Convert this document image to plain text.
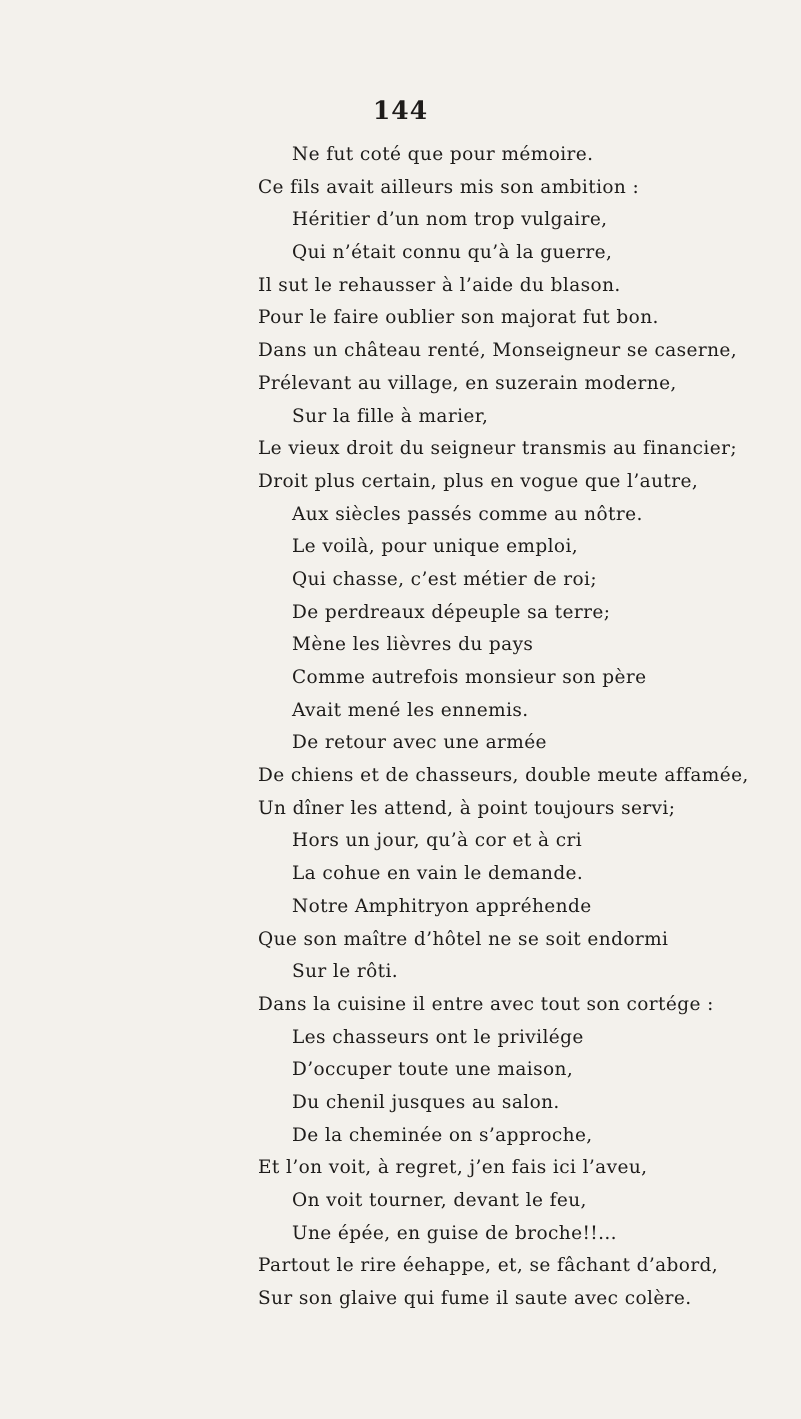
144
Ne fut coté que pour mémoire.
Ce fils avait ailleurs mis son ambition :
Héritier d’un nom trop vulgaire,
Qui n’était connu qu’à la guerre,
Il sut le rehausser à l’aide du blason.
Pour le faire oublier son majorat fut bon.
Dans un château renté, Monseigneur se caserne,
Prélevant au village, en suzerain moderne,
Sur la fille à marier,
Le vieux droit du seigneur transmis au financier;
Droit plus certain, plus en vogue que l’autre,
Aux siècles passés comme au nôtre.
Le voilà, pour unique emploi,
Qui chasse, c’est métier de roi;
De perdreaux dépeuple sa terre;
Mène les lièvres du pays
Comme autrefois monsieur son père
Avait mené les ennemis.
De retour avec une armée
De chiens et de chasseurs, double meute affamée,
Un dîner les attend, à point toujours servi;
Hors un jour, qu’à cor et à cri
La cohue en vain le demande.
Notre Amphitryon appréhende
Que son maître d’hôtel ne se soit endormi
Sur le rôti.
Dans la cuisine il entre avec tout son cortége :
Les chasseurs ont le privilége
D’occuper toute une maison,
Du chenil jusques au salon.
De la cheminée on s’approche,
Et l’on voit, à regret, j’en fais ici l’aveu,
On voit tourner, devant le feu,
Une épée, en guise de broche!!...
Partout le rire éehappe, et, se fâchant d’abord,
Sur son glaive qui fume il saute avec colère.
